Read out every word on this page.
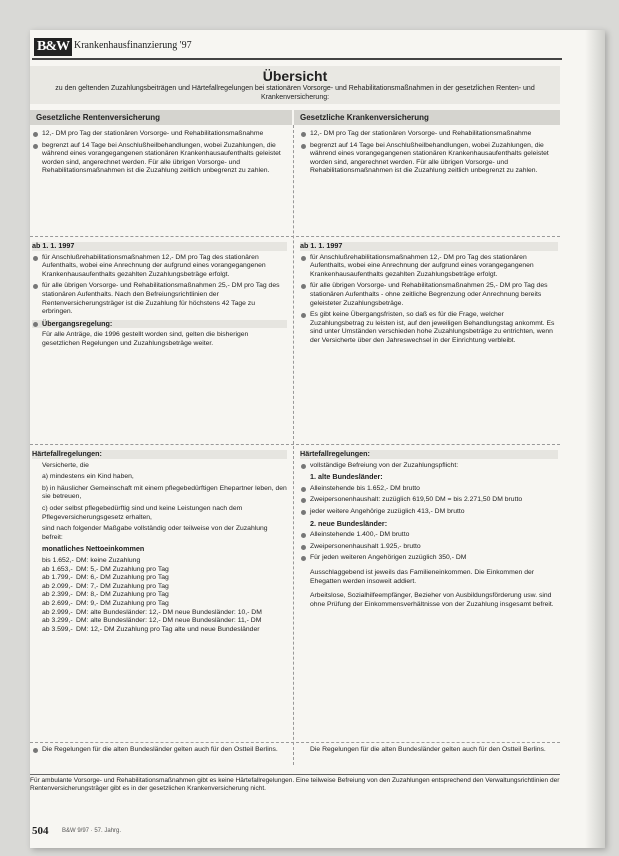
B&W Krankenhausfinanzierung '97
Übersicht
zu den geltenden Zuzahlungsbeiträgen und Härtefallregelungen bei stationären Vorsorge- und Rehabilitationsmaßnahmen in der gesetzlichen Renten- und Krankenversicherung:
Gesetzliche Rentenversicherung	Gesetzliche Krankenversicherung

12,- DM pro Tag der stationären Vorsorge- und Rehabilitationsmaßnahme

begrenzt auf 14 Tage bei Anschlußheilbehandlungen, wobei Zuzahlungen, die während eines vorangegangenen stationären Krankenhausaufenthalts geleistet worden sind, angerechnet werden. Für alle übrigen Vorsorge- und Rehabilitationsmaßnahmen ist die Zuzahlung zeitlich unbegrenzt zu zahlen.

ab 1. 1. 1997

für Anschlußrehabilitationsmaßnahmen 12,- DM pro Tag des stationären Aufenthalts, wobei eine Anrechnung der aufgrund eines vorangegangenen Krankenhausaufenthalts gezahlten Zuzahlungsbeträge erfolgt.

für alle übrigen Vorsorge- und Rehabilitationsmaßnahmen 25,- DM pro Tag des stationären Aufenthalts. Nach den Befreiungsrichtlinien der Rentenversicherungsträger ist die Zuzahlung für höchstens 42 Tage zu erbringen.

Übergangsregelung:

Für alle Anträge, die 1996 gestellt worden sind, gelten die bisherigen gesetzlichen Regelungen und Zuzahlungsbeträge weiter.

Härtefallregelungen:

Versicherte, die

a) mindestens ein Kind haben,

b) in häuslicher Gemeinschaft mit einem pflegebedürftigen Ehepartner leben, den sie betreuen,

c) oder selbst pflegebedürftig sind und keine Leistungen nach dem Pflegeversicherungsgesetz erhalten,

sind nach folgender Maßgabe vollständig oder teilweise von der Zuzahlung befreit:

monatliches Nettoeinkommen
bis 1.652,- DM: keine Zuzahlung
ab 1.653,- DM: 5,- DM Zuzahlung pro Tag
ab 1.799,- DM: 6,- DM Zuzahlung pro Tag
ab 2.099,- DM: 7,- DM Zuzahlung pro Tag
ab 2.399,- DM: 8,- DM Zuzahlung pro Tag
ab 2.699,- DM: 9,- DM Zuzahlung pro Tag
ab 2.999,- DM: alte Bundesländer: 12,- DM neue Bundesländer: 10,- DM
ab 3.299,- DM: alte Bundesländer: 12,- DM neue Bundesländer: 11,- DM
ab 3.599,- DM: 12,- DM Zuzahlung pro Tag alte und neue Bundesländer

Die Regelungen für die alten Bundesländer gelten auch für den Ostteil Berlins.

12,- DM pro Tag der stationären Vorsorge- und Rehabilitationsmaßnahme

begrenzt auf 14 Tage bei Anschlußheilbehandlungen, wobei Zuzahlungen, die während eines vorangegangenen stationären Krankenhausaufenthalts geleistet worden sind, angerechnet werden. Für alle übrigen Vorsorge- und Rehabilitationsmaßnahmen ist die Zuzahlung zeitlich unbegrenzt zu zahlen.

ab 1. 1. 1997

für Anschlußrehabilitationsmaßnahmen 12,- DM pro Tag des stationären Aufenthalts, wobei eine Anrechnung der aufgrund eines vorangegangenen Krankenhausaufenthalts gezahlten Zuzahlungsbeträge erfolgt.

für alle übrigen Vorsorge- und Rehabilitationsmaßnahmen 25,- DM pro Tag des stationären Aufenthalts - ohne zeitliche Begrenzung oder Anrechnung bereits geleisteter Zuzahlungsbeträge.

Es gibt keine Übergangsfristen, so daß es für die Frage, welcher Zuzahlungsbetrag zu leisten ist, auf den jeweiligen Behandlungstag ankommt. Es sind unter Umständen verschieden hohe Zuzahlungsbeträge zu entrichten, wenn der Versicherte über den Jahreswechsel in der Einrichtung verbleibt.

Härtefallregelungen:

vollständige Befreiung von der Zuzahlungspflicht:

1. alte Bundesländer:

Alleinstehende bis 1.652,- DM brutto

Zweipersonenhaushalt: zuzüglich 619,50 DM = bis 2.271,50 DM brutto

jeder weitere Angehörige zuzüglich 413,- DM brutto

2. neue Bundesländer:

Alleinstehende 1.400,- DM brutto

Zweipersonenhaushalt 1.925,- brutto

Für jeden weiteren Angehörigen zuzüglich 350,- DM

Ausschlaggebend ist jeweils das Familieneinkommen. Die Einkommen der Ehegatten werden insoweit addiert.

Arbeitslose, Sozialhilfeempfänger, Bezieher von Ausbildungsförderung usw. sind ohne Prüfung der Einkommensverhältnisse von der Zuzahlung insgesamt befreit.

Die Regelungen für die alten Bundesländer gelten auch für den Ostteil Berlins.

Für ambulante Vorsorge- und Rehabilitationsmaßnahmen gibt es keine Härtefallregelungen. Eine teilweise Befreiung von den Zuzahlungen entsprechend den Verwaltungsrichtlinien der Rentenversicherungsträger gibt es in der gesetzlichen Krankenversicherung nicht.
504 B&W 9/97 · 57. Jahrg.
